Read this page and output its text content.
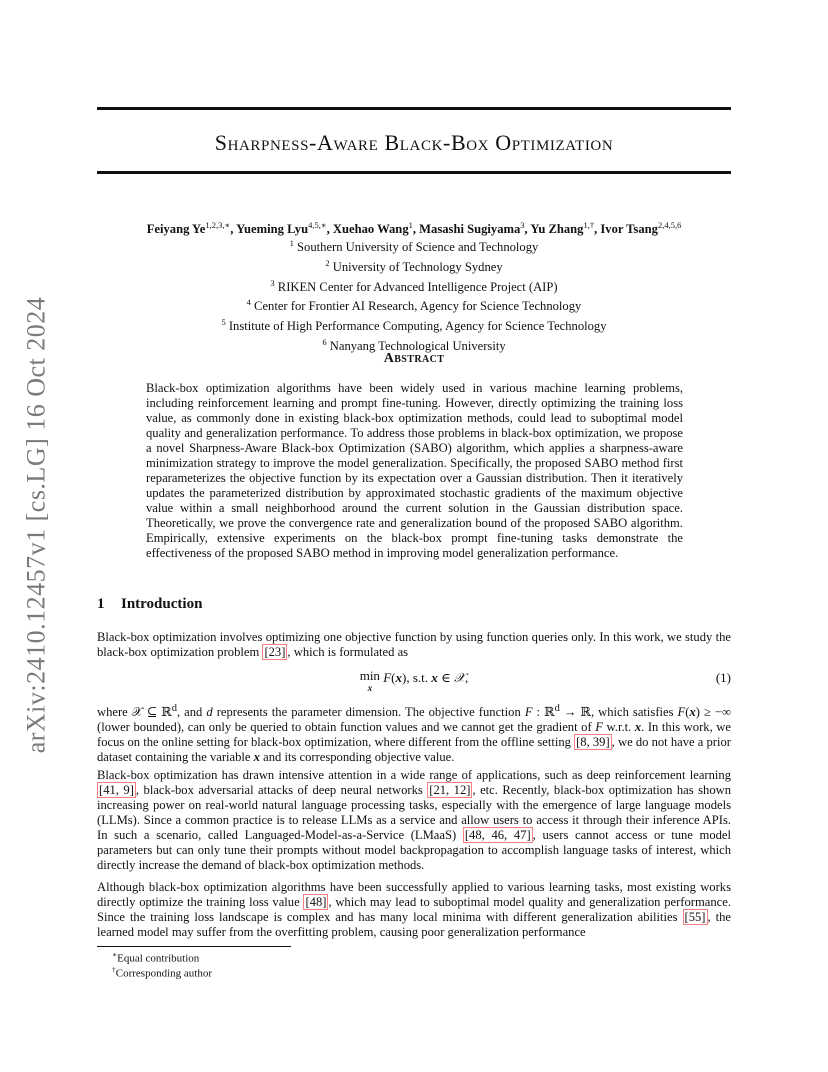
arXiv:2410.12457v1 [cs.LG] 16 Oct 2024
Sharpness-Aware Black-Box Optimization
Feiyang $Ye^{1,2,3,∗}$, Yueming Lyu$^{4,5,∗}$, Xuehao Wang$^1$, Masashi Sugiyama$^3$, Yu Zhang$^{1,\dagger}$, Ivor Tsang$^{2,4,5,6}$
$^1$ Southern University of Science and Technology
$^2$ University of Technology Sydney
$^3$ RIKEN Center for Advanced Intelligence Project (AIP)
$^4$ Center for Frontier AI Research, Agency for Science Technology
$^5$ Institute of High Performance Computing, Agency for Science Technology
$^6$ Nanyang Technological University
Abstract
Black-box optimization algorithms have been widely used in various machine learning problems, including reinforcement learning and prompt fine-tuning. However, directly optimizing the training loss value, as commonly done in existing black-box optimization methods, could lead to suboptimal model quality and generalization performance. To address those problems in black-box optimization, we propose a novel Sharpness-Aware Black-box Optimization (SABO) algorithm, which applies a sharpness-aware minimization strategy to improve the model generalization. Specifically, the proposed SABO method first reparameterizes the objective function by its expectation over a Gaussian distribution. Then it iteratively updates the parameterized distribution by approximated stochastic gradients of the maximum objective value within a small neighborhood around the current solution in the Gaussian distribution space. Theoretically, we prove the convergence rate and generalization bound of the proposed SABO algorithm. Empirically, extensive experiments on the black-box prompt fine-tuning tasks demonstrate the effectiveness of the proposed SABO method in improving model generalization performance.
1 Introduction
Black-box optimization involves optimizing one objective function by using function queries only. In this work, we study the black-box optimization problem [23] , which is formulated as
min
x
F(x), s.t. x ∈ 𝒳,	(1)
where 𝒳 ⊆ ℝ$^d$, and d represents the parameter dimension. The objective function F : ℝ$^d$ → ℝ, which satisfies F(x) ≥ −∞ (lower bounded), can only be queried to obtain function values and we cannot get the gradient of F w.r.t. x. In this work, we focus on the online setting for black-box optimization, where different from the offline setting [8, 39] , we do not have a prior dataset containing the variable x and its corresponding objective value.
Black-box optimization has drawn intensive attention in a wide range of applications, such as deep reinforcement learning [41, 9] , black-box adversarial attacks of deep neural networks [21, 12] , etc. Recently, black-box optimization has shown increasing power on real-world natural language processing tasks, especially with the emergence of large language models (LLMs). Since a common practice is to release LLMs as a service and allow users to access it through their inference APIs. In such a scenario, called Languaged-Model-as-a-Service (LMaaS) [48, 46, 47] , users cannot access or tune model parameters but can only tune their prompts without model backpropagation to accomplish language tasks of interest, which directly increase the demand of black-box optimization methods.
Although black-box optimization algorithms have been successfully applied to various learning tasks, most existing works directly optimize the training loss value [48] , which may lead to suboptimal model quality and generalization performance. Since the training loss landscape is complex and has many local minima with different generalization abilities [55] , the learned model may suffer from the overfitting problem, causing poor generalization performance
∗Equal contribution
†Corresponding author
